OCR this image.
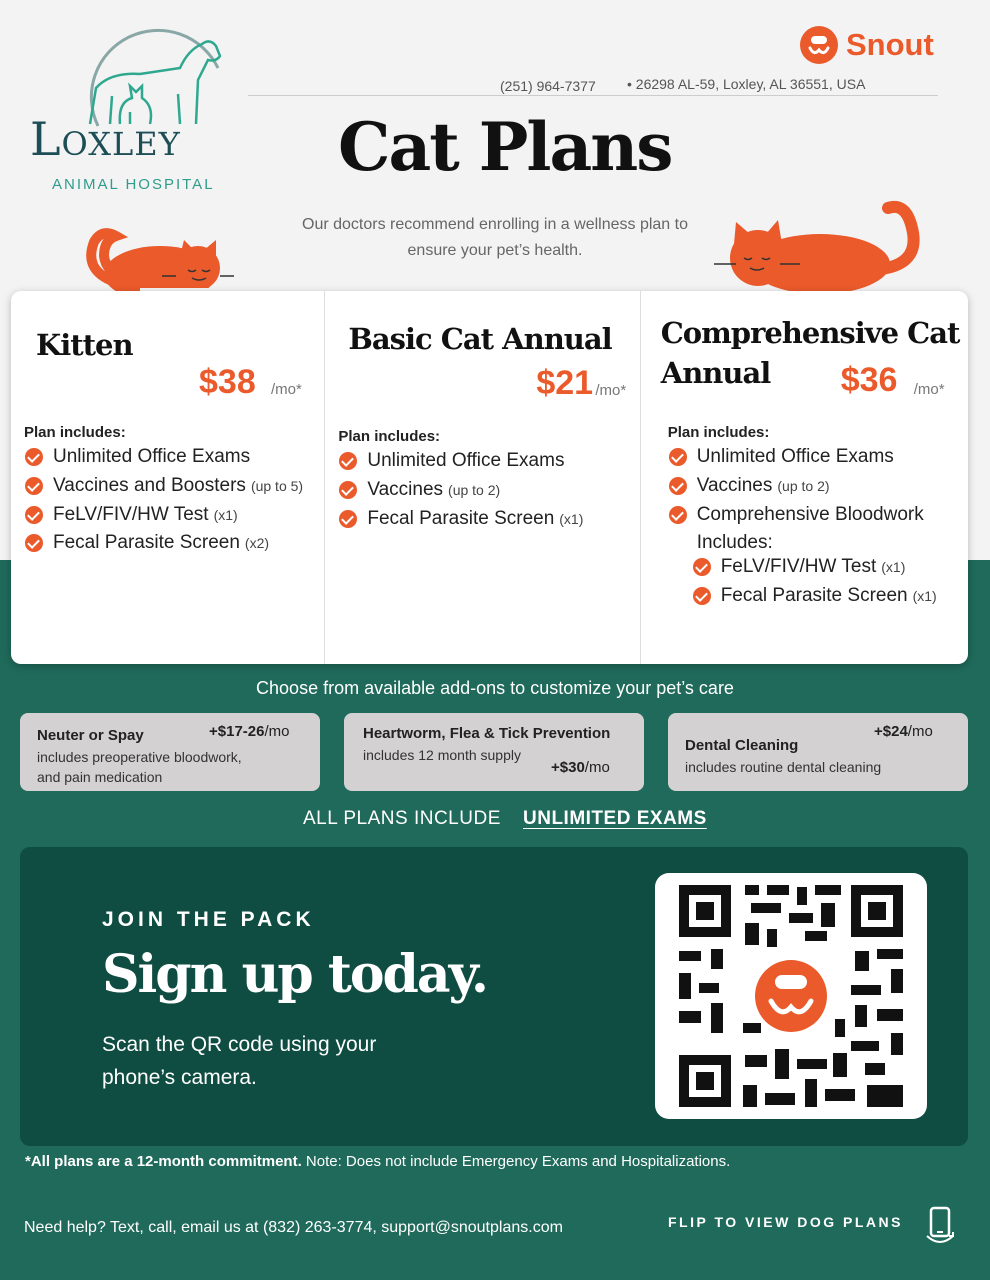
Loxley
ANIMAL HOSPITAL
Snout
(251) 964-7377 • 26298 AL-59, Loxley, AL 36551, USA
Cat Plans
Our doctors recommend enrolling in a wellness plan to ensure your pet’s health.
Kitten
$38 /mo*
Plan includes:
Unlimited Office Exams
Vaccines and Boosters (up to 5)
FeLV/FIV/HW Test (x1)
Fecal Parasite Screen (x2)
Basic Cat Annual
$21 /mo*
Plan includes:
Unlimited Office Exams
Vaccines (up to 2)
Fecal Parasite Screen (x1)
Comprehensive Cat
Annual $36 /mo*
Plan includes:
Unlimited Office Exams
Vaccines (up to 2)
Comprehensive Bloodwork
Includes:
FeLV/FIV/HW Test (x1)
Fecal Parasite Screen (x1)
Choose from available add-ons to customize your pet’s care
Neuter or Spay	+$17-26/mo
includes preoperative bloodwork,
and pain medication
Heartworm, Flea & Tick Prevention
includes 12 month supply
+$30/mo
+$24/mo
Dental Cleaning
includes routine dental cleaning
ALL PLANS INCLUDE UNLIMITED EXAMS
JOIN THE PACK
Sign up today.
Scan the QR code using your phone’s camera.
*All plans are a 12-month commitment. Note: Does not include Emergency Exams and Hospitalizations.
Need help? Text, call, email us at (832) 263-3774, support@snoutplans.com	FLIP TO VIEW DOG PLANS
